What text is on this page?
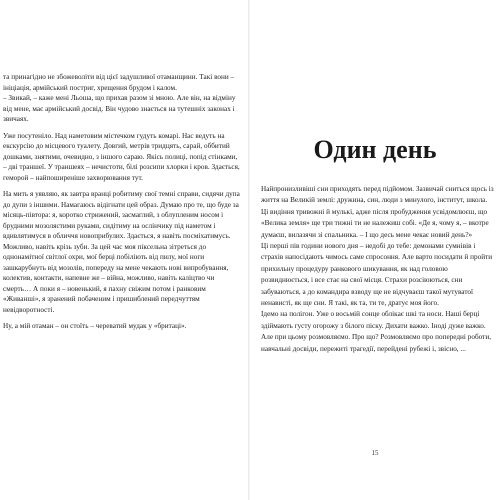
та принагідно не збожеволіти від цієї задушливої отаманщини. Такі вони – ініціація, армійський постриг, хрещення брудом і калом.

– Звикай, – каже мені Льоша, що прихав разом зі мною. Але він, на відміну від мене, має армійський досвід. Він чудово знається на тутешніх законах і звичаях.

Уже посутеніло. Над наметовим містечком гудуть комарі. Нас ведуть на екскурсію до місцевого туалету. Довгий, метрів тридцять, сарай, оббитий дошками, знятими, очевидно, з іншого сараю. Якісь полиці, попід стінками, – дві траншеї. У траншеях – нечистоти, білі розсипи хлорки і кров. Здається, геморой – найпоширеніше захворювання тут.

На мить я уявляю, як завтра вранці робитиму свої темні справи, сидячи дупа до дупи з іншими. Намагаюсь відігнати цей образ. Думаю про те, що буде за місяць-півтора: я, коротко стрижений, засмаглий, з облупленим носом і брудними мозолястими руками, сидітиму на ослінчику під наметом і вдивлятимуся в обличчя новоприбулих. Здається, я навіть посміхатимусь. Можливо, навіть крізь зуби. За цей час моя піксельна зітреться до однонамітної світлої охри, мої берці побіліють від пилу, мої ноги зашкарубнуть від мозолів, попереду на мене чекають нові випробування, колектив, контакти, напевне же – війна, можливо, навіть каліцтво чи смерть… А поки я – новенький, я пахну свіжим потом і ранковим «Живанші», я зранений побаченим і пришиблений передчуттям невідворотності.

Ну, а мій отаман – он стоїть – череватий мудак у «бритаці».

Один день

Найпронизливіші сни приходять перед підйомом. Зазвичай сниться щось із життя на Великій землі: дружина, син, люди з минулого, інститут, школа. Ці видіння тривожні й мулькі, адже після пробудження усвідомлюєш, що «Велика земля» ще три тижні ти не належиш собі. «Де я, чому я, – вкотре думаєш, вилазячи зі спальника. – І що десь мене чекає новий день?»

Ці перші пів години нового дня – недобі до тебе: демонами сумнівів і страхів напосідають чимось саме спросоння. Але варто посидати й пройти прихильну процедуру ранкового шикування, як над головою розвиднюється, і все стає на свої місця. Страхи розсіюються, сни забуваються, а до командира взводу ще не відчуваєш такої мутуватої ненависті, як ще сни. Я такі, як та, ти те, дратує моя його.

Ідемо на полігон. Уже о восьмій сонце облікає шкі та носи. Наші берці здіймають густу огорожу з білого піску. Дихати важко. Іноді дуже важко. Але при цьому розмовляємо. Про що? Розмовляємо про попередні роботи, навчальні досвіди, пережиті трагедії, перейдені рубежі і, звісно, ...

15
